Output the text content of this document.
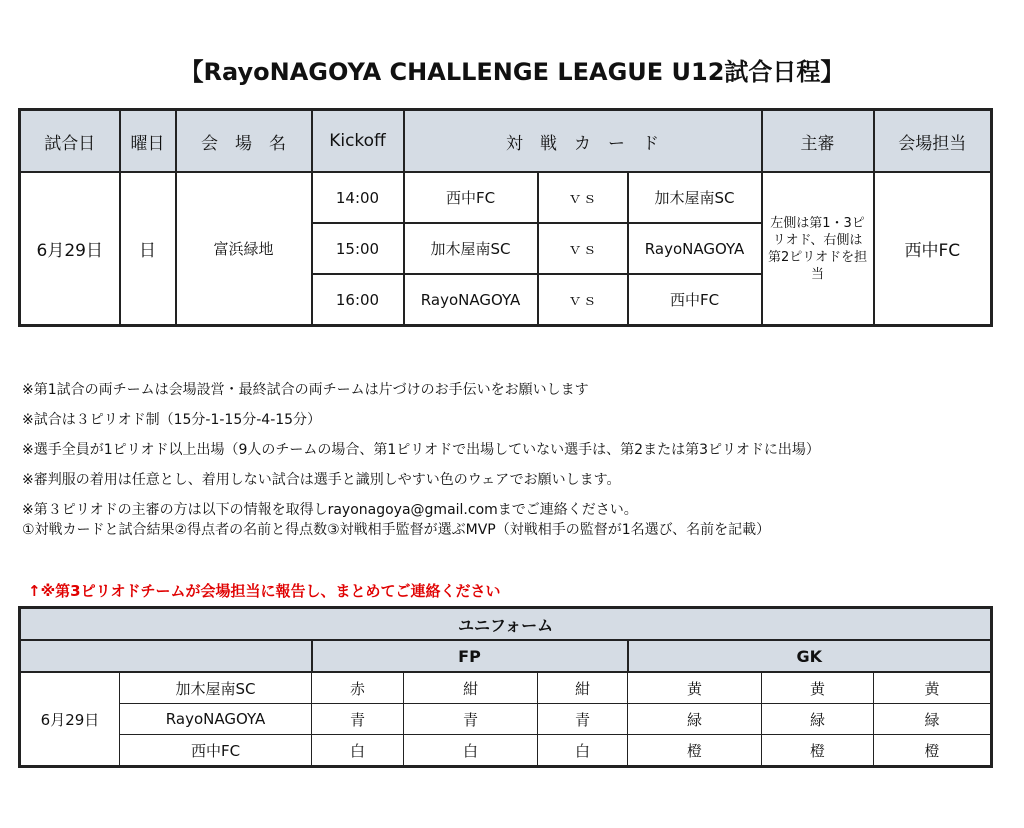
【RayoNAGOYA CHALLENGE LEAGUE U12試合日程】
試合日	曜日	会　場　名	Kickoff	対　戦　カ　ー　ド			主審	会場担当
6月29日	日	富浜緑地	14:00	西中FC	ｖｓ	加木屋南SC	左側は第1・3ピリオド、右側は第2ピリオドを担当	西中FC
			15:00	加木屋南SC	ｖｓ	RayoNAGOYA		
			16:00	RayoNAGOYA	ｖｓ	西中FC		

※第1試合の両チームは会場設営・最終試合の両チームは片づけのお手伝いをお願いします

※試合は３ピリオド制（15分-1-15分-4-15分）

※選手全員が1ピリオド以上出場（9人のチームの場合、第1ピリオドで出場していない選手は、第2または第3ピリオドに出場）

※審判服の着用は任意とし、着用しない試合は選手と識別しやすい色のウェアでお願いします。

※第３ピリオドの主審の方は以下の情報を取得しrayonagoya@gmail.comまでご連絡ください。

①対戦カードと試合結果②得点者の名前と得点数③対戦相手監督が選ぶMVP（対戦相手の監督が1名選び、名前を記載）

↑※第3ピリオドチームが会場担当に報告し、まとめてご連絡ください
ユニフォーム							
		FP			GK		
6月29日	加木屋南SC	赤	紺	紺	黄	黄	黄
	RayoNAGOYA	青	青	青	緑	緑	緑
	西中FC	白	白	白	橙	橙	橙
